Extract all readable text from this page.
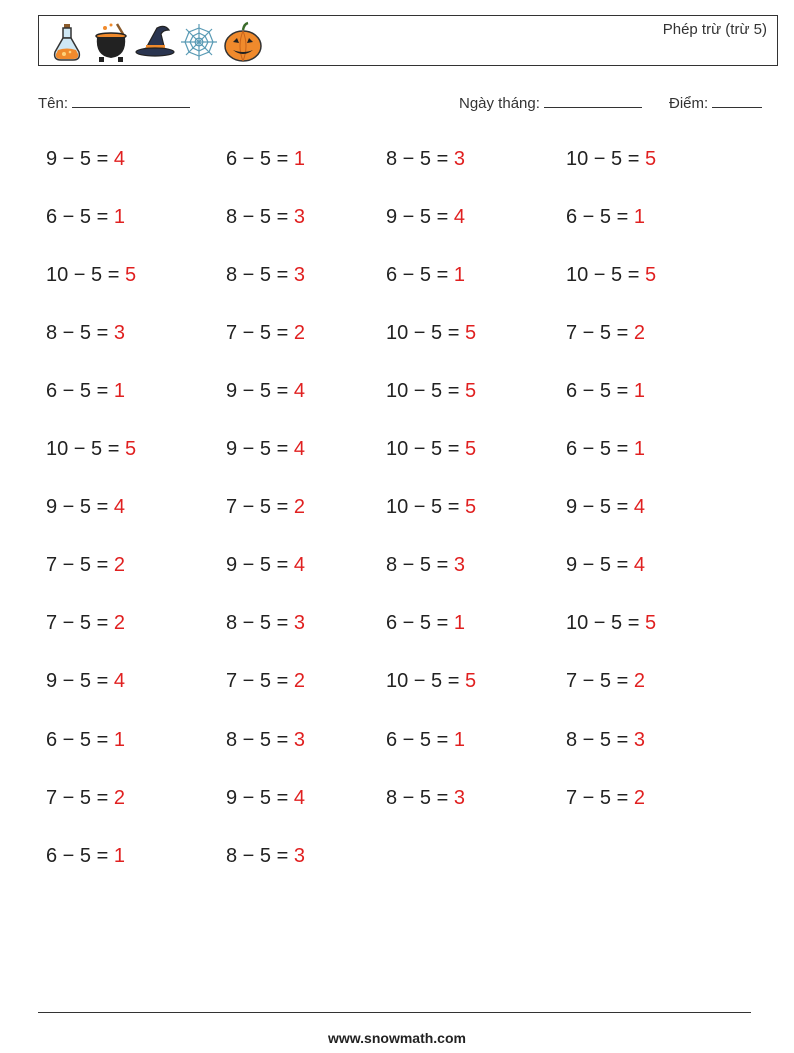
Phép trừ (trừ 5)
Tên:	Ngày tháng:	Điểm:
9 − 5 = 4	6 − 5 = 1	8 − 5 = 3	10 − 5 = 5
6 − 5 = 1	8 − 5 = 3	9 − 5 = 4	6 − 5 = 1
10 − 5 = 5	8 − 5 = 3	6 − 5 = 1	10 − 5 = 5
8 − 5 = 3	7 − 5 = 2	10 − 5 = 5	7 − 5 = 2
6 − 5 = 1	9 − 5 = 4	10 − 5 = 5	6 − 5 = 1
10 − 5 = 5	9 − 5 = 4	10 − 5 = 5	6 − 5 = 1
9 − 5 = 4	7 − 5 = 2	10 − 5 = 5	9 − 5 = 4
7 − 5 = 2	9 − 5 = 4	8 − 5 = 3	9 − 5 = 4
7 − 5 = 2	8 − 5 = 3	6 − 5 = 1	10 − 5 = 5
9 − 5 = 4	7 − 5 = 2	10 − 5 = 5	7 − 5 = 2
6 − 5 = 1	8 − 5 = 3	6 − 5 = 1	8 − 5 = 3
7 − 5 = 2	9 − 5 = 4	8 − 5 = 3	7 − 5 = 2
6 − 5 = 1	8 − 5 = 3
www.snowmath.com
